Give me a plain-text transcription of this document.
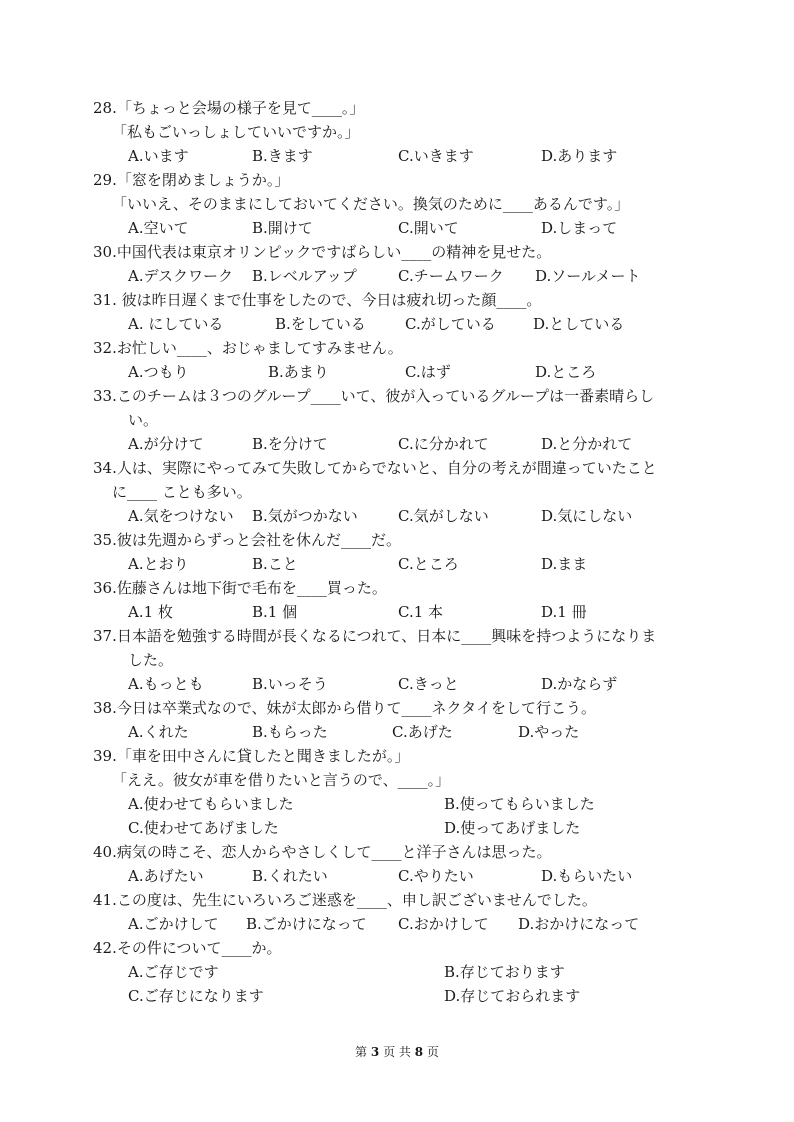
28.「ちょっと会場の様子を見て____。」
「私もごいっしょしていいですか。」
A.います	B.きます	C.いきます	D.あります
29.「窓を閉めましょうか。」
「いいえ、そのままにしておいてください。換気のために____あるんです。」
A.空いて	B.開けて	C.開いて	D.しまって
30.中国代表は東京オリンピックですばらしい____の精神を見せた。
A.デスクワーク B.レベルアップ	C.チームワーク D.ソールメート
31. 彼は昨日遅くまで仕事をしたので、今日は疲れ切った顔____。
A. にしている	B.をしている	C.がしている D.としている
32.お忙しい____、おじゃましてすみません。
A.つもり	B.あまり	C.はず	D.ところ
33.このチームは３つのグループ____いて、彼が入っているグループは一番素晴らし
い。
A.が分けて	B.を分けて	C.に分かれて	D.と分かれて
34.人は、実際にやってみて失敗してからでないと、自分の考えが間違っていたこと
に____ ことも多い。
A.気をつけない B.気がつかない	C.気がしない	D.気にしない
35.彼は先週からずっと会社を休んだ____だ。
A.とおり	B.こと	C.ところ	D.まま
36.佐藤さんは地下街で毛布を____買った。
A.1 枚	B.1 個	C.1 本	D.1 冊
37.日本語を勉強する時間が長くなるにつれて、日本に____興味を持つようになりま
した。
A.もっとも	B.いっそう	C.きっと	D.かならず
38.今日は卒業式なので、妹が太郎から借りて____ネクタイをして行こう。
A.くれた	B.もらった	C.あげた	D.やった
39.「車を田中さんに貸したと聞きましたが。」
「ええ。彼女が車を借りたいと言うので、____。」
A.使わせてもらいました	B.使ってもらいました
C.使わせてあげました	D.使ってあげました
40.病気の時こそ、恋人からやさしくして____と洋子さんは思った。
A.あげたい	B.くれたい	C.やりたい	D.もらいたい
41.この度は、先生にいろいろご迷惑を____、申し訳ございませんでした。
A.ごかけして B.ごかけになって C.おかけして D.おかけになって
42.その件について____か。
A.ご存じです	B.存じております
C.ご存じになります	D.存じておられます
第 3 页 共 8 页
